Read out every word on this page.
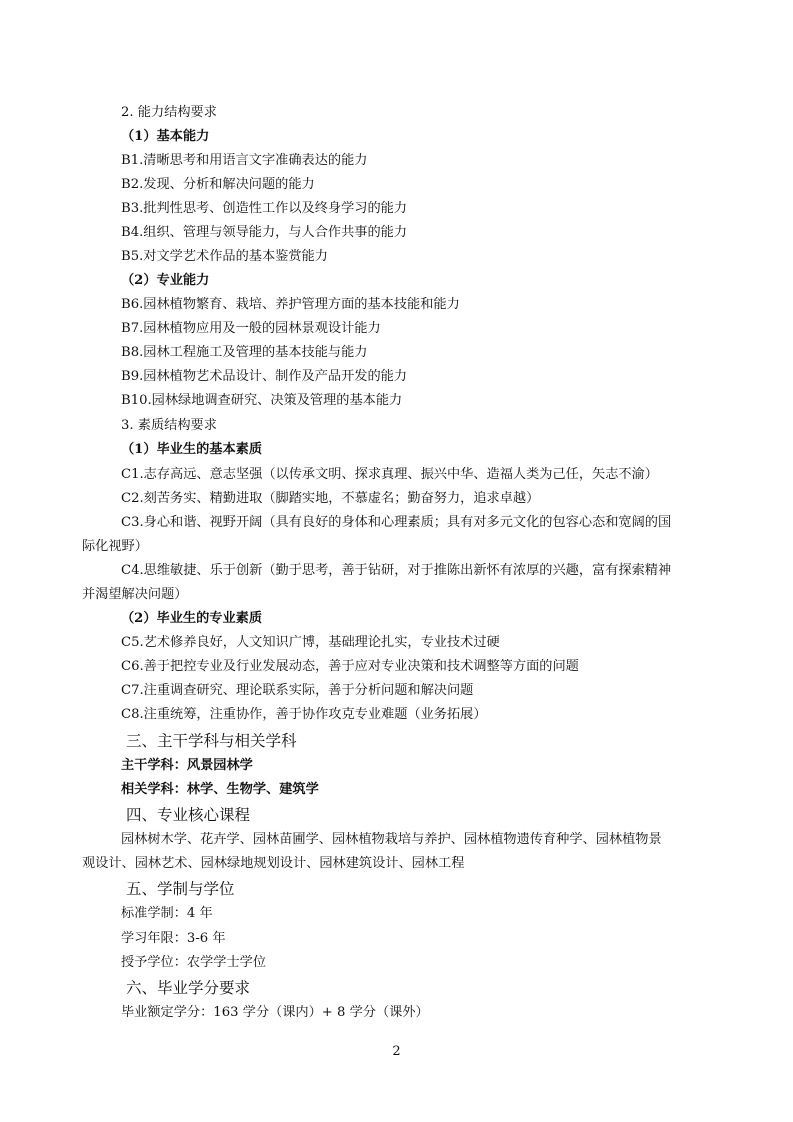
2. 能力结构要求
（1）基本能力
B1.清晰思考和用语言文字准确表达的能力
B2.发现、分析和解决问题的能力
B3.批判性思考、创造性工作以及终身学习的能力
B4.组织、管理与领导能力，与人合作共事的能力
B5.对文学艺术作品的基本鉴赏能力
（2）专业能力
B6.园林植物繁育、栽培、养护管理方面的基本技能和能力
B7.园林植物应用及一般的园林景观设计能力
B8.园林工程施工及管理的基本技能与能力
B9.园林植物艺术品设计、制作及产品开发的能力
B10.园林绿地调查研究、决策及管理的基本能力
3. 素质结构要求
（1）毕业生的基本素质
C1.志存高远、意志坚强（以传承文明、探求真理、振兴中华、造福人类为己任，矢志不渝）
C2.刻苦务实、精勤进取（脚踏实地，不慕虚名；勤奋努力，追求卓越）
C3.身心和谐、视野开阔（具有良好的身体和心理素质；具有对多元文化的包容心态和宽阔的国
际化视野）
C4.思维敏捷、乐于创新（勤于思考，善于钻研，对于推陈出新怀有浓厚的兴趣，富有探索精神
并渴望解决问题）
（2）毕业生的专业素质
C5.艺术修养良好，人文知识广博，基础理论扎实，专业技术过硬
C6.善于把控专业及行业发展动态，善于应对专业决策和技术调整等方面的问题
C7.注重调查研究、理论联系实际，善于分析问题和解决问题
C8.注重统筹，注重协作，善于协作攻克专业难题（业务拓展）
三、主干学科与相关学科
主干学科：风景园林学
相关学科：林学、生物学、建筑学
四、专业核心课程
园林树木学、花卉学、园林苗圃学、园林植物栽培与养护、园林植物遗传育种学、园林植物景
观设计、园林艺术、园林绿地规划设计、园林建筑设计、园林工程
五、学制与学位
标准学制：4 年
学习年限：3-6 年
授予学位：农学学士学位
六、毕业学分要求
毕业额定学分：163 学分（课内）+ 8 学分（课外）
2
